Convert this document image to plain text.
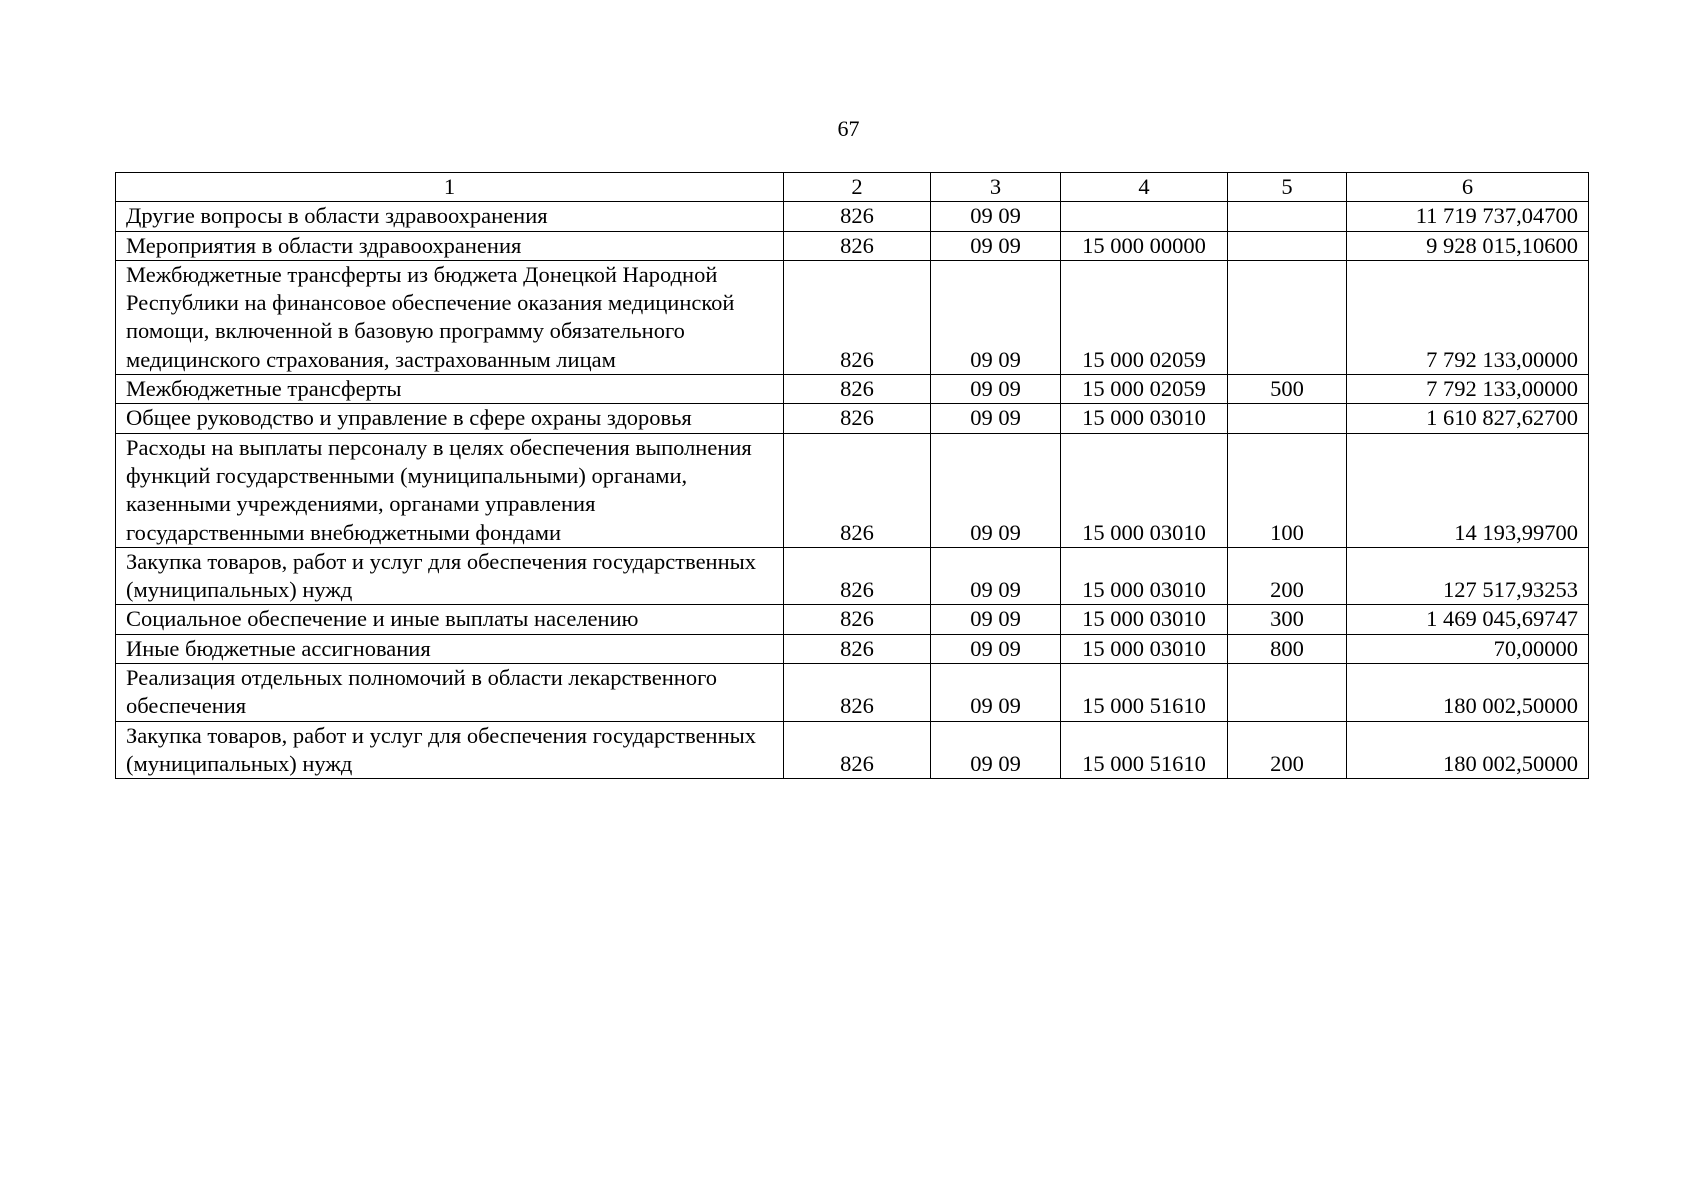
67
1	2	3	4	5	6
Другие вопросы в области здравоохранения	826	09 09			11 719 737,04700
Мероприятия в области здравоохранения	826	09 09	15 000 00000		9 928 015,10600
Межбюджетные трансферты из бюджета Донецкой Народной Республики на финансовое обеспечение оказания медицинской помощи, включенной в базовую программу обязательного медицинского страхования, застрахованным лицам	826	09 09	15 000 02059		7 792 133,00000
Межбюджетные трансферты	826	09 09	15 000 02059	500	7 792 133,00000
Общее руководство и управление в сфере охраны здоровья	826	09 09	15 000 03010		1 610 827,62700
Расходы на выплаты персоналу в целях обеспечения выполнения функций государственными (муниципальными) органами, казенными учреждениями, органами управления государственными внебюджетными фондами	826	09 09	15 000 03010	100	14 193,99700
Закупка товаров, работ и услуг для обеспечения государственных (муниципальных) нужд	826	09 09	15 000 03010	200	127 517,93253
Социальное обеспечение и иные выплаты населению	826	09 09	15 000 03010	300	1 469 045,69747
Иные бюджетные ассигнования	826	09 09	15 000 03010	800	70,00000
Реализация отдельных полномочий в области лекарственного обеспечения	826	09 09	15 000 51610		180 002,50000
Закупка товаров, работ и услуг для обеспечения государственных (муниципальных) нужд	826	09 09	15 000 51610	200	180 002,50000
